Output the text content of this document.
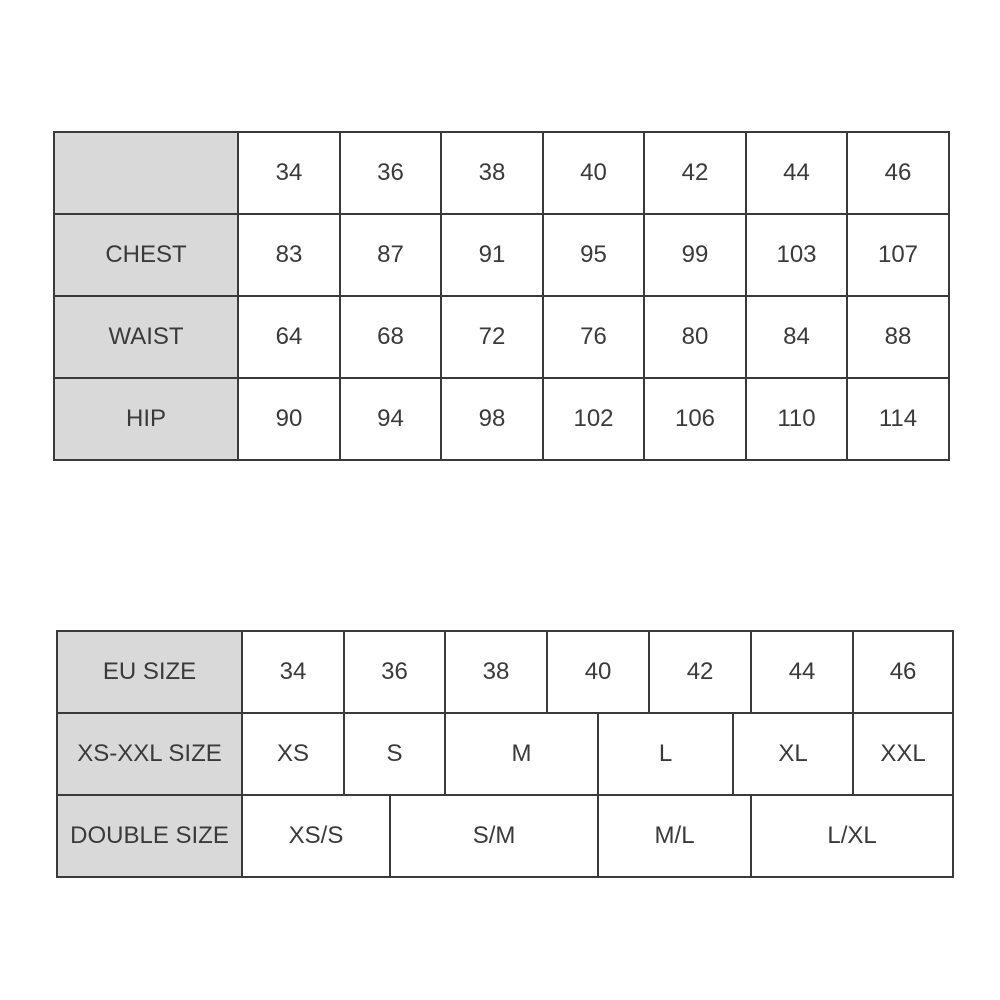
	34	36	38	40	42	44	46
CHEST	83	87	91	95	99	103	107
WAIST	64	68	72	76	80	84	88
HIP	90	94	98	102	106	110	114
EU SIZE	34	36		38	40		42		44	46
XS-XXL SIZE	XS	S		M		L		XL		XXL
DOUBLE SIZE	XS/S		S/M			M/L			L/XL	
